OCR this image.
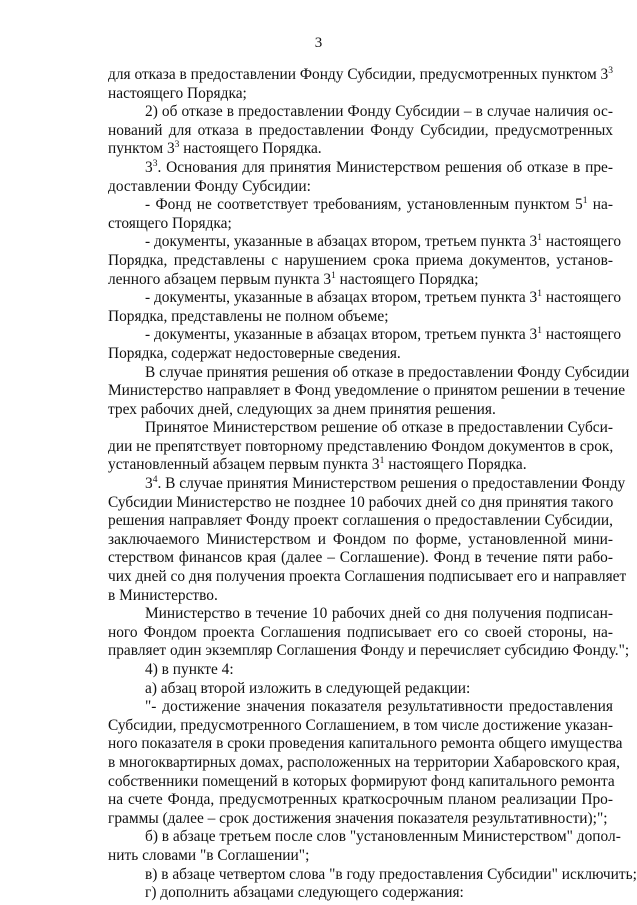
3
для отказа в предоставлении Фонду Субсидии, предусмотренных пунктом $3^3$
настоящего Порядка;
2) об отказе в предоставлении Фонду Субсидии – в случае наличия ос-
нований для отказа в предоставлении Фонду Субсидии, предусмотренных
пунктом $3^3$ настоящего Порядка.
$3^3$. Основания для принятия Министерством решения об отказе в пре-
доставлении Фонду Субсидии:
- Фонд не соответствует требованиям, установленным пунктом $5^1$ на-
стоящего Порядка;
- документы, указанные в абзацах втором, третьем пункта $3^1$ настоящего
Порядка, представлены с нарушением срока приема документов, установ-
ленного абзацем первым пункта $3^1$ настоящего Порядка;
- документы, указанные в абзацах втором, третьем пункта $3^1$ настоящего
Порядка, представлены не полном объеме;
- документы, указанные в абзацах втором, третьем пункта $3^1$ настоящего
Порядка, содержат недостоверные сведения.
В случае принятия решения об отказе в предоставлении Фонду Субсидии
Министерство направляет в Фонд уведомление о принятом решении в течение
трех рабочих дней, следующих за днем принятия решения.
Принятое Министерством решение об отказе в предоставлении Субси-
дии не препятствует повторному представлению Фондом документов в срок,
установленный абзацем первым пункта $3^1$ настоящего Порядка.
$3^4$. В случае принятия Министерством решения о предоставлении Фонду
Субсидии Министерство не позднее 10 рабочих дней со дня принятия такого
решения направляет Фонду проект соглашения о предоставлении Субсидии,
заключаемого Министерством и Фондом по форме, установленной мини-
стерством финансов края (далее – Соглашение). Фонд в течение пяти рабо-
чих дней со дня получения проекта Соглашения подписывает его и направляет
в Министерство.
Министерство в течение 10 рабочих дней со дня получения подписан-
ного Фондом проекта Соглашения подписывает его со своей стороны, на-
правляет один экземпляр Соглашения Фонду и перечисляет субсидию Фонду.";
4) в пункте 4:
а) абзац второй изложить в следующей редакции:
"- достижение значения показателя результативности предоставления
Субсидии, предусмотренного Соглашением, в том числе достижение указан-
ного показателя в сроки проведения капитального ремонта общего имущества
в многоквартирных домах, расположенных на территории Хабаровского края,
собственники помещений в которых формируют фонд капитального ремонта
на счете Фонда, предусмотренных краткосрочным планом реализации Про-
граммы (далее – срок достижения значения показателя результативности);";
б) в абзаце третьем после слов "установленным Министерством" допол-
нить словами "в Соглашении";
в) в абзаце четвертом слова "в году предоставления Субсидии" исключить;
г) дополнить абзацами следующего содержания:
